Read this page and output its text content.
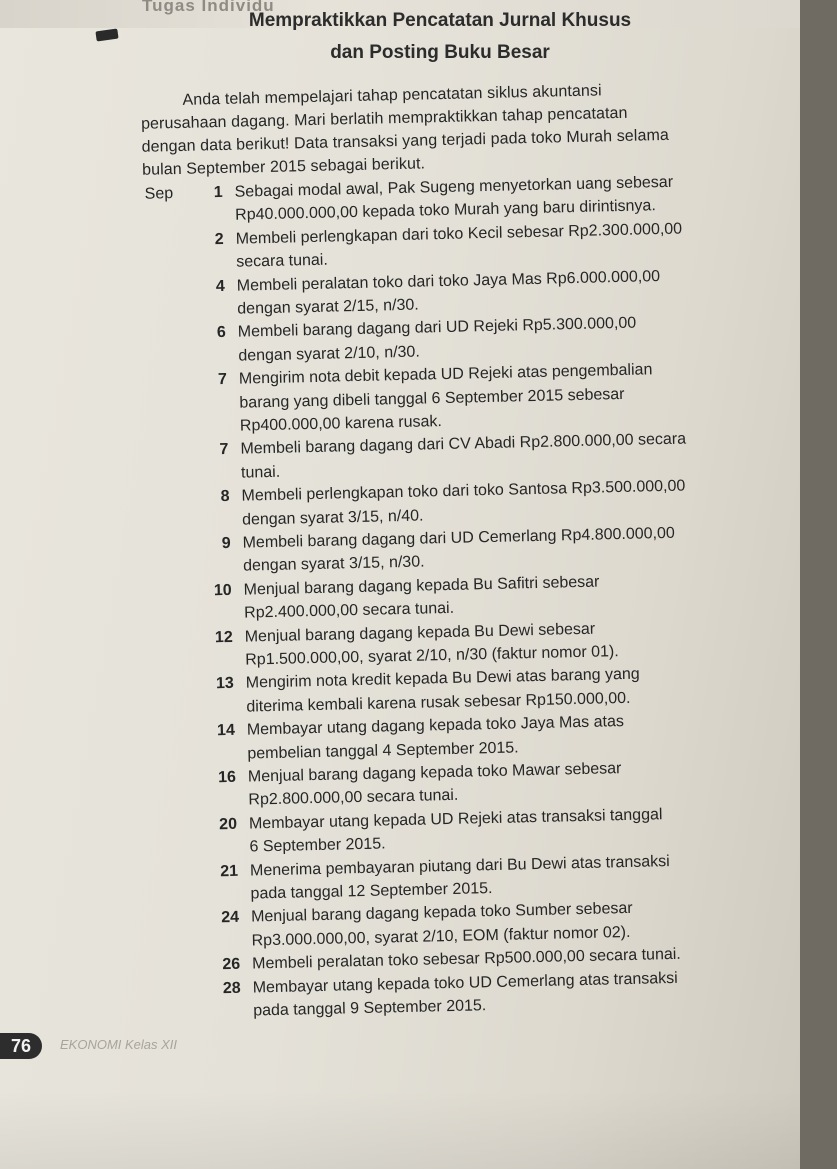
Tugas Individu
Mempraktikkan Pencatatan Jurnal Khusus
dan Posting Buku Besar
Anda telah mempelajari tahap pencatatan siklus akuntansi
perusahaan dagang. Mari berlatih mempraktikkan tahap pencatatan
dengan data berikut! Data transaksi yang terjadi pada toko Murah selama
bulan September 2015 sebagai berikut.
Sep	1 Sebagai modal awal, Pak Sugeng menyetorkan uang sebesar
Rp40.000.000,00 kepada toko Murah yang baru dirintisnya.
2 Membeli perlengkapan dari toko Kecil sebesar Rp2.300.000,00
secara tunai.
4 Membeli peralatan toko dari toko Jaya Mas Rp6.000.000,00
dengan syarat 2/15, n/30.
6 Membeli barang dagang dari UD Rejeki Rp5.300.000,00
dengan syarat 2/10, n/30.
7 Mengirim nota debit kepada UD Rejeki atas pengembalian
barang yang dibeli tanggal 6 September 2015 sebesar
Rp400.000,00 karena rusak.
7 Membeli barang dagang dari CV Abadi Rp2.800.000,00 secara
tunai.
8 Membeli perlengkapan toko dari toko Santosa Rp3.500.000,00
dengan syarat 3/15, n/40.
9 Membeli barang dagang dari UD Cemerlang Rp4.800.000,00
dengan syarat 3/15, n/30.
10 Menjual barang dagang kepada Bu Safitri sebesar
Rp2.400.000,00 secara tunai.
12 Menjual barang dagang kepada Bu Dewi sebesar
Rp1.500.000,00, syarat 2/10, n/30 (faktur nomor 01).
13 Mengirim nota kredit kepada Bu Dewi atas barang yang
diterima kembali karena rusak sebesar Rp150.000,00.
14 Membayar utang dagang kepada toko Jaya Mas atas
pembelian tanggal 4 September 2015.
16 Menjual barang dagang kepada toko Mawar sebesar
Rp2.800.000,00 secara tunai.
20 Membayar utang kepada UD Rejeki atas transaksi tanggal
6 September 2015.
21 Menerima pembayaran piutang dari Bu Dewi atas transaksi
pada tanggal 12 September 2015.
24 Menjual barang dagang kepada toko Sumber sebesar
Rp3.000.000,00, syarat 2/10, EOM (faktur nomor 02).
26 Membeli peralatan toko sebesar Rp500.000,00 secara tunai.
28 Membayar utang kepada toko UD Cemerlang atas transaksi
pada tanggal 9 September 2015.
76	EKONOMI Kelas XII
